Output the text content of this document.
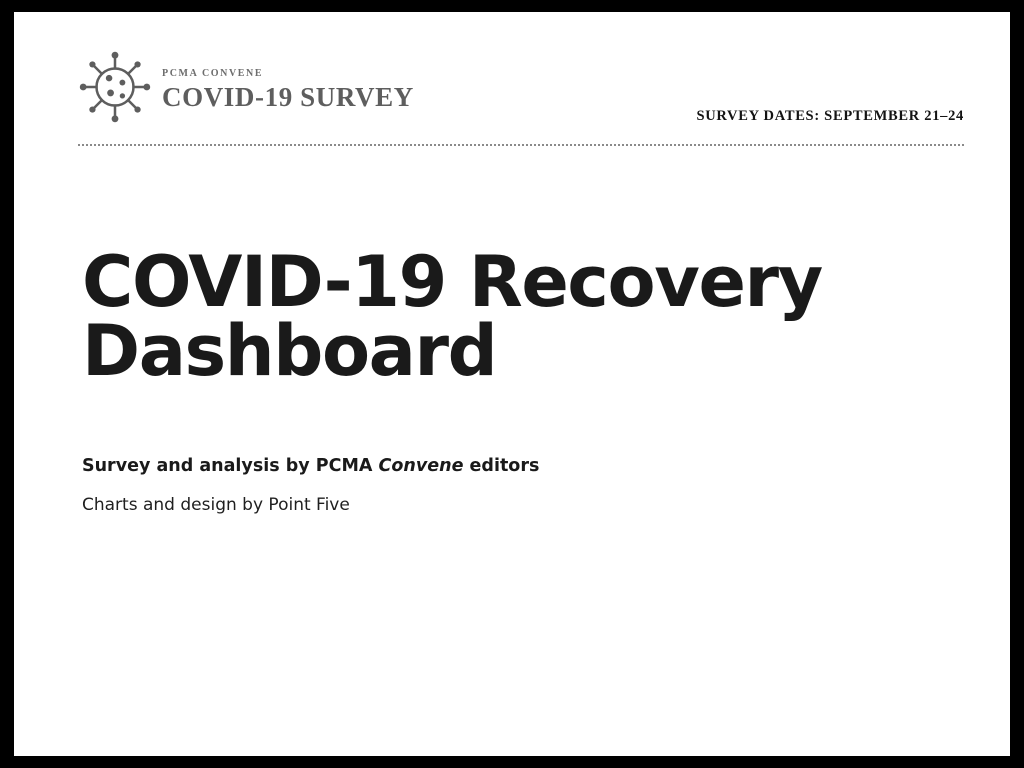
PCMA CONVENE
COVID-19 SURVEY
SURVEY DATES: SEPTEMBER 21–24
COVID-19 Recovery
Dashboard
Survey and analysis by PCMA Convene editors
Charts and design by Point Five
